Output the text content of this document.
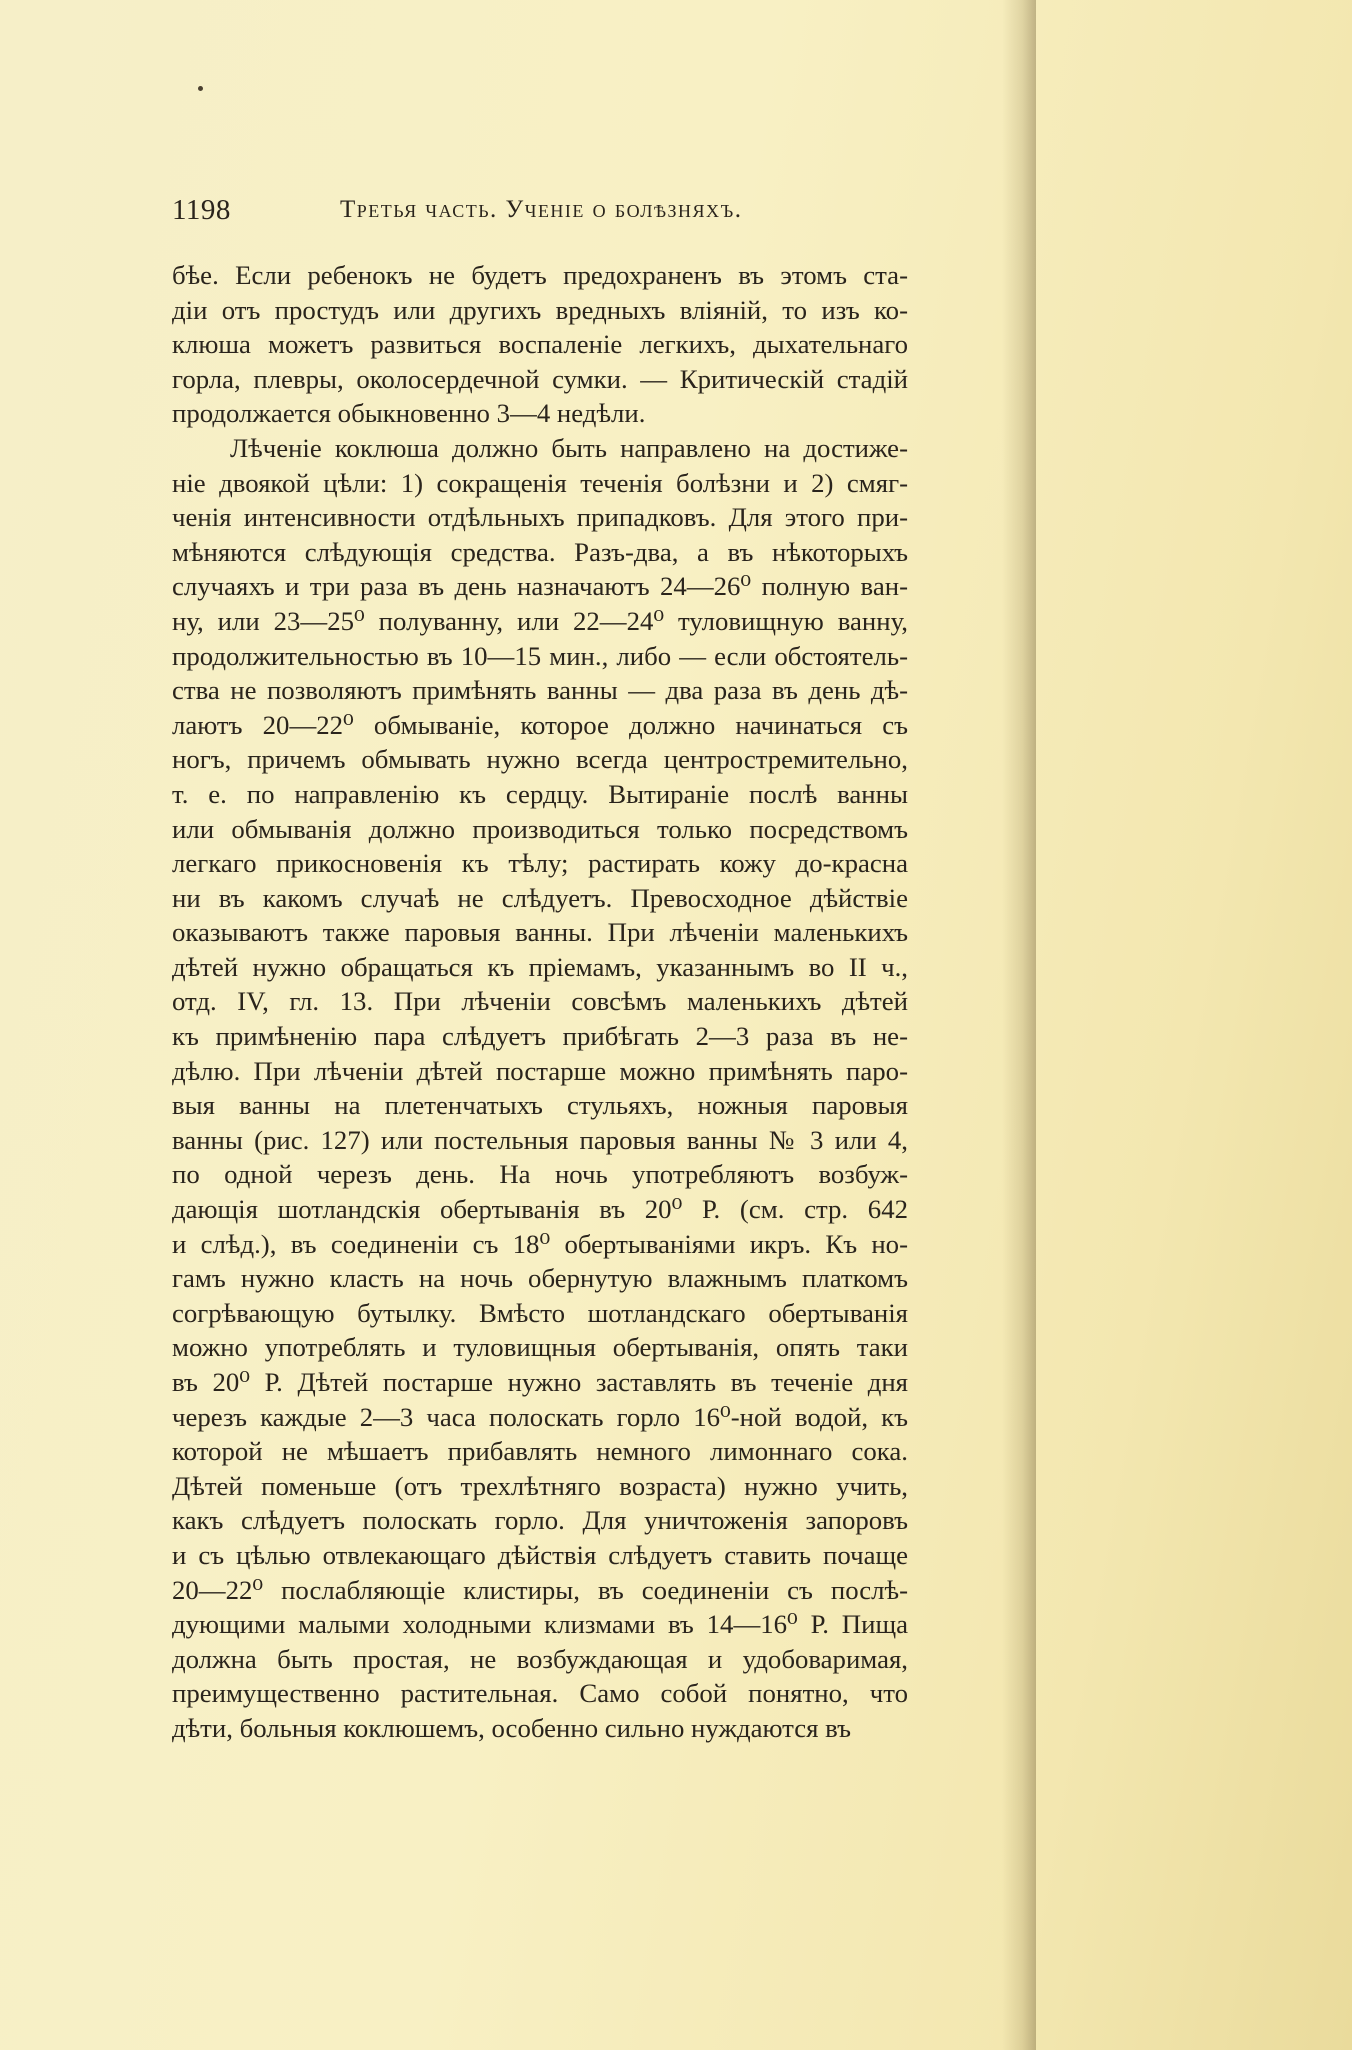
1198	Третья часть. Ученіе о болѣзняхъ.
бѣе. Если ребенокъ не будетъ предохраненъ въ этомъ ста-
діи отъ простудъ или другихъ вредныхъ вліяній, то изъ ко-
клюша можетъ развиться воспаленіе легкихъ, дыхательнаго
горла, плевры, околосердечной сумки. — Критическій стадій
продолжается обыкновенно 3—4 недѣли.
Лѣченіе коклюша должно быть направлено на достиже-
ніе двоякой цѣли: 1) сокращенія теченія болѣзни и 2) смяг-
ченія интенсивности отдѣльныхъ припадковъ. Для этого при-
мѣняются слѣдующія средства. Разъ-два, а въ нѣкоторыхъ
случаяхъ и три раза въ день назначаютъ 24—26⁰ полную ван-
ну, или 23—25⁰ полуванну, или 22—24⁰ туловищную ванну,
продолжительностью въ 10—15 мин., либо — если обстоятель-
ства не позволяютъ примѣнять ванны — два раза въ день дѣ-
лаютъ 20—22⁰ обмываніе, которое должно начинаться съ
ногъ, причемъ обмывать нужно всегда центростремительно,
т. е. по направленію къ сердцу. Вытираніе послѣ ванны
или обмыванія должно производиться только посредствомъ
легкаго прикосновенія къ тѣлу; растирать кожу до-красна
ни въ какомъ случаѣ не слѣдуетъ. Превосходное дѣйствіе
оказываютъ также паровыя ванны. При лѣченіи маленькихъ
дѣтей нужно обращаться къ пріемамъ, указаннымъ во II ч.,
отд. IV, гл. 13. При лѣченіи совсѣмъ маленькихъ дѣтей
къ примѣненію пара слѣдуетъ прибѣгать 2—3 раза въ не-
дѣлю. При лѣченіи дѣтей постарше можно примѣнять паро-
выя ванны на плетенчатыхъ стульяхъ, ножныя паровыя
ванны (рис. 127) или постельныя паровыя ванны № 3 или 4,
по одной черезъ день. На ночь употребляютъ возбуж-
дающія шотландскія обертыванія въ 20⁰ Р. (см. стр. 642
и слѣд.), въ соединеніи съ 18⁰ обертываніями икръ. Къ но-
гамъ нужно класть на ночь обернутую влажнымъ платкомъ
согрѣвающую бутылку. Вмѣсто шотландскаго обертыванія
можно употреблять и туловищныя обертыванія, опять таки
въ 20⁰ Р. Дѣтей постарше нужно заставлять въ теченіе дня
черезъ каждые 2—3 часа полоскать горло 16⁰-ной водой, къ
которой не мѣшаетъ прибавлять немного лимоннаго сока.
Дѣтей поменьше (отъ трехлѣтняго возраста) нужно учить,
какъ слѣдуетъ полоскать горло. Для уничтоженія запоровъ
и съ цѣлью отвлекающаго дѣйствія слѣдуетъ ставить почаще
20—22⁰ послабляющіе клистиры, въ соединеніи съ послѣ-
дующими малыми холодными клизмами въ 14—16⁰ Р. Пища
должна быть простая, не возбуждающая и удобоваримая,
преимущественно растительная. Само собой понятно, что
дѣти, больныя коклюшемъ, особенно сильно нуждаются въ
